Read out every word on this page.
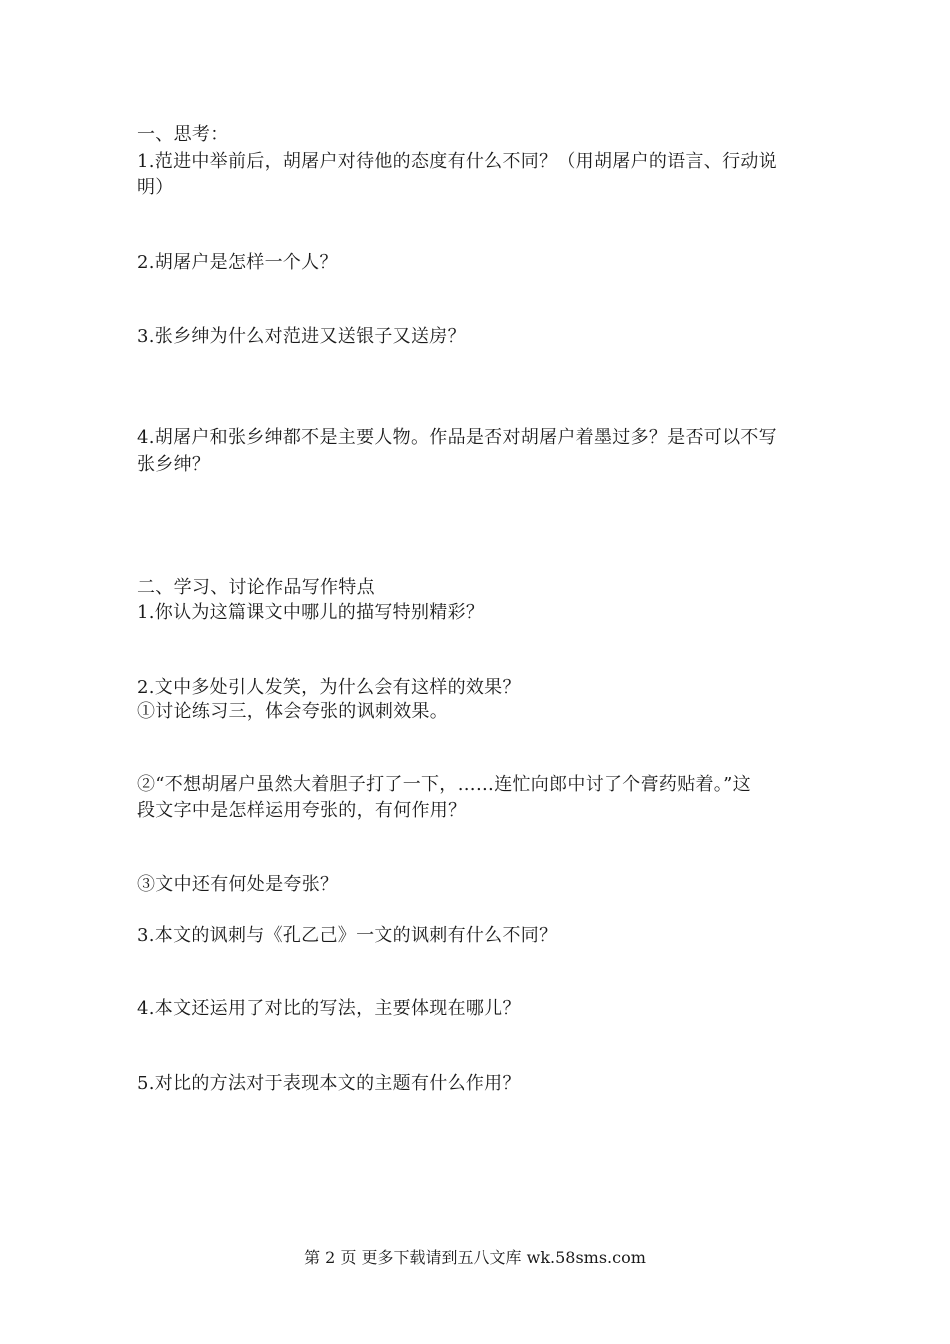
一、思考：
1.范进中举前后，胡屠户对待他的态度有什么不同？（用胡屠户的语言、行动说
明）
2.胡屠户是怎样一个人？
3.张乡绅为什么对范进又送银子又送房？
4.胡屠户和张乡绅都不是主要人物。作品是否对胡屠户着墨过多？是否可以不写
张乡绅？
二、学习、讨论作品写作特点
1.你认为这篇课文中哪儿的描写特别精彩？
2.文中多处引人发笑，为什么会有这样的效果？
①讨论练习三，体会夸张的讽刺效果。
②“不想胡屠户虽然大着胆子打了一下，……连忙向郎中讨了个膏药贴着。”这
段文字中是怎样运用夸张的，有何作用？
③文中还有何处是夸张？
3.本文的讽刺与《孔乙己》一文的讽刺有什么不同？
4.本文还运用了对比的写法，主要体现在哪儿？
5.对比的方法对于表现本文的主题有什么作用？
第 2 页 更多下载请到五八文库 wk.58sms.com
